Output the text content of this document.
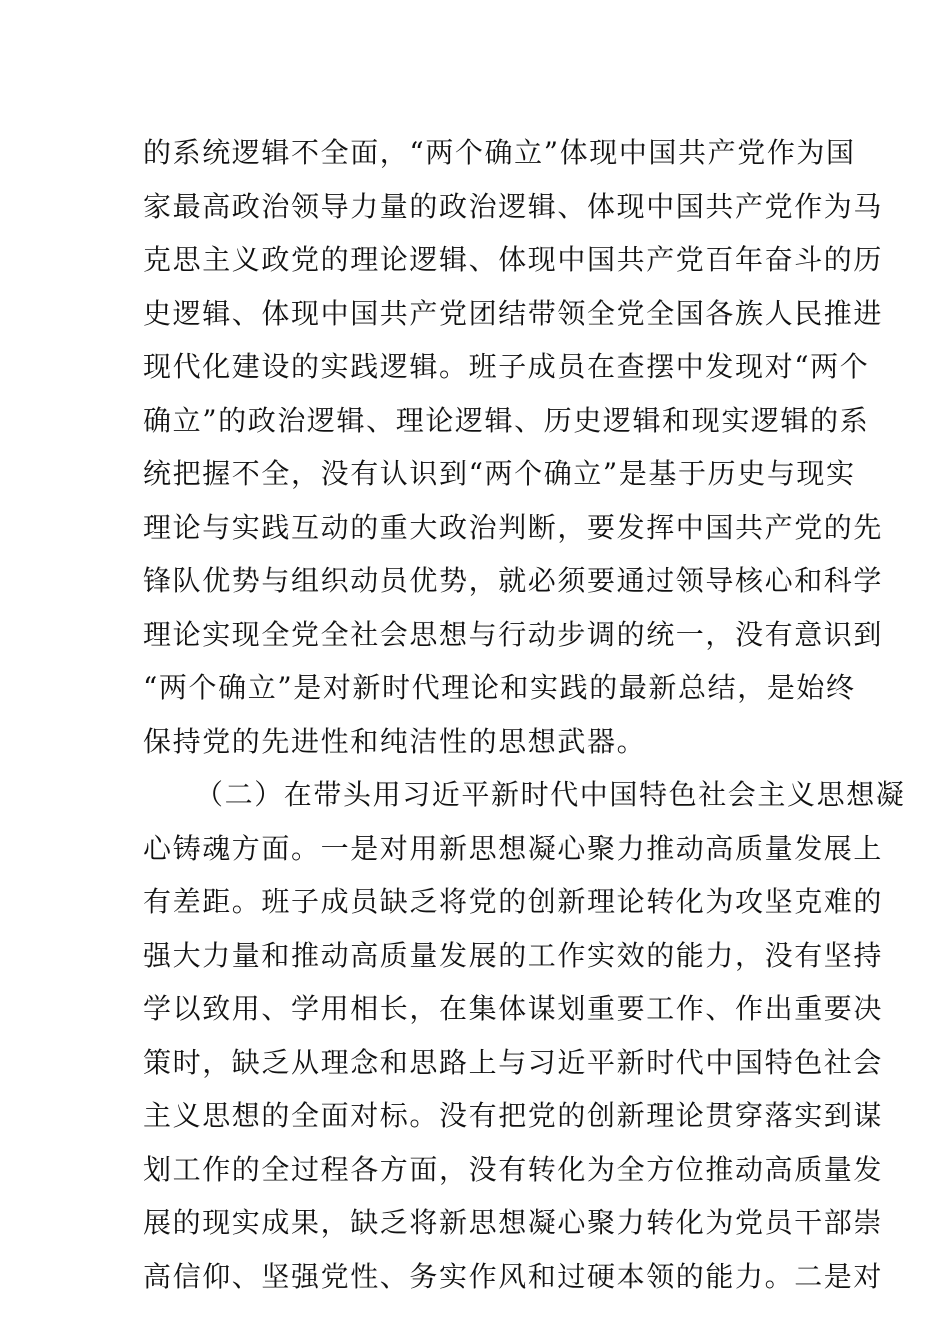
的系统逻辑不全面，“两个确立”体现中国共产党作为国
家最高政治领导力量的政治逻辑、体现中国共产党作为马
克思主义政党的理论逻辑、体现中国共产党百年奋斗的历
史逻辑、体现中国共产党团结带领全党全国各族人民推进
现代化建设的实践逻辑。班子成员在查摆中发现对“两个
确立”的政治逻辑、理论逻辑、历史逻辑和现实逻辑的系
统把握不全，没有认识到“两个确立”是基于历史与现实
理论与实践互动的重大政治判断，要发挥中国共产党的先
锋队优势与组织动员优势，就必须要通过领导核心和科学
理论实现全党全社会思想与行动步调的统一，没有意识到
“两个确立”是对新时代理论和实践的最新总结，是始终
保持党的先进性和纯洁性的思想武器。
（二）在带头用习近平新时代中国特色社会主义思想凝
心铸魂方面。一是对用新思想凝心聚力推动高质量发展上
有差距。班子成员缺乏将党的创新理论转化为攻坚克难的
强大力量和推动高质量发展的工作实效的能力，没有坚持
学以致用、学用相长，在集体谋划重要工作、作出重要决
策时，缺乏从理念和思路上与习近平新时代中国特色社会
主义思想的全面对标。没有把党的创新理论贯穿落实到谋
划工作的全过程各方面，没有转化为全方位推动高质量发
展的现实成果，缺乏将新思想凝心聚力转化为党员干部崇
高信仰、坚强党性、务实作风和过硬本领的能力。二是对
